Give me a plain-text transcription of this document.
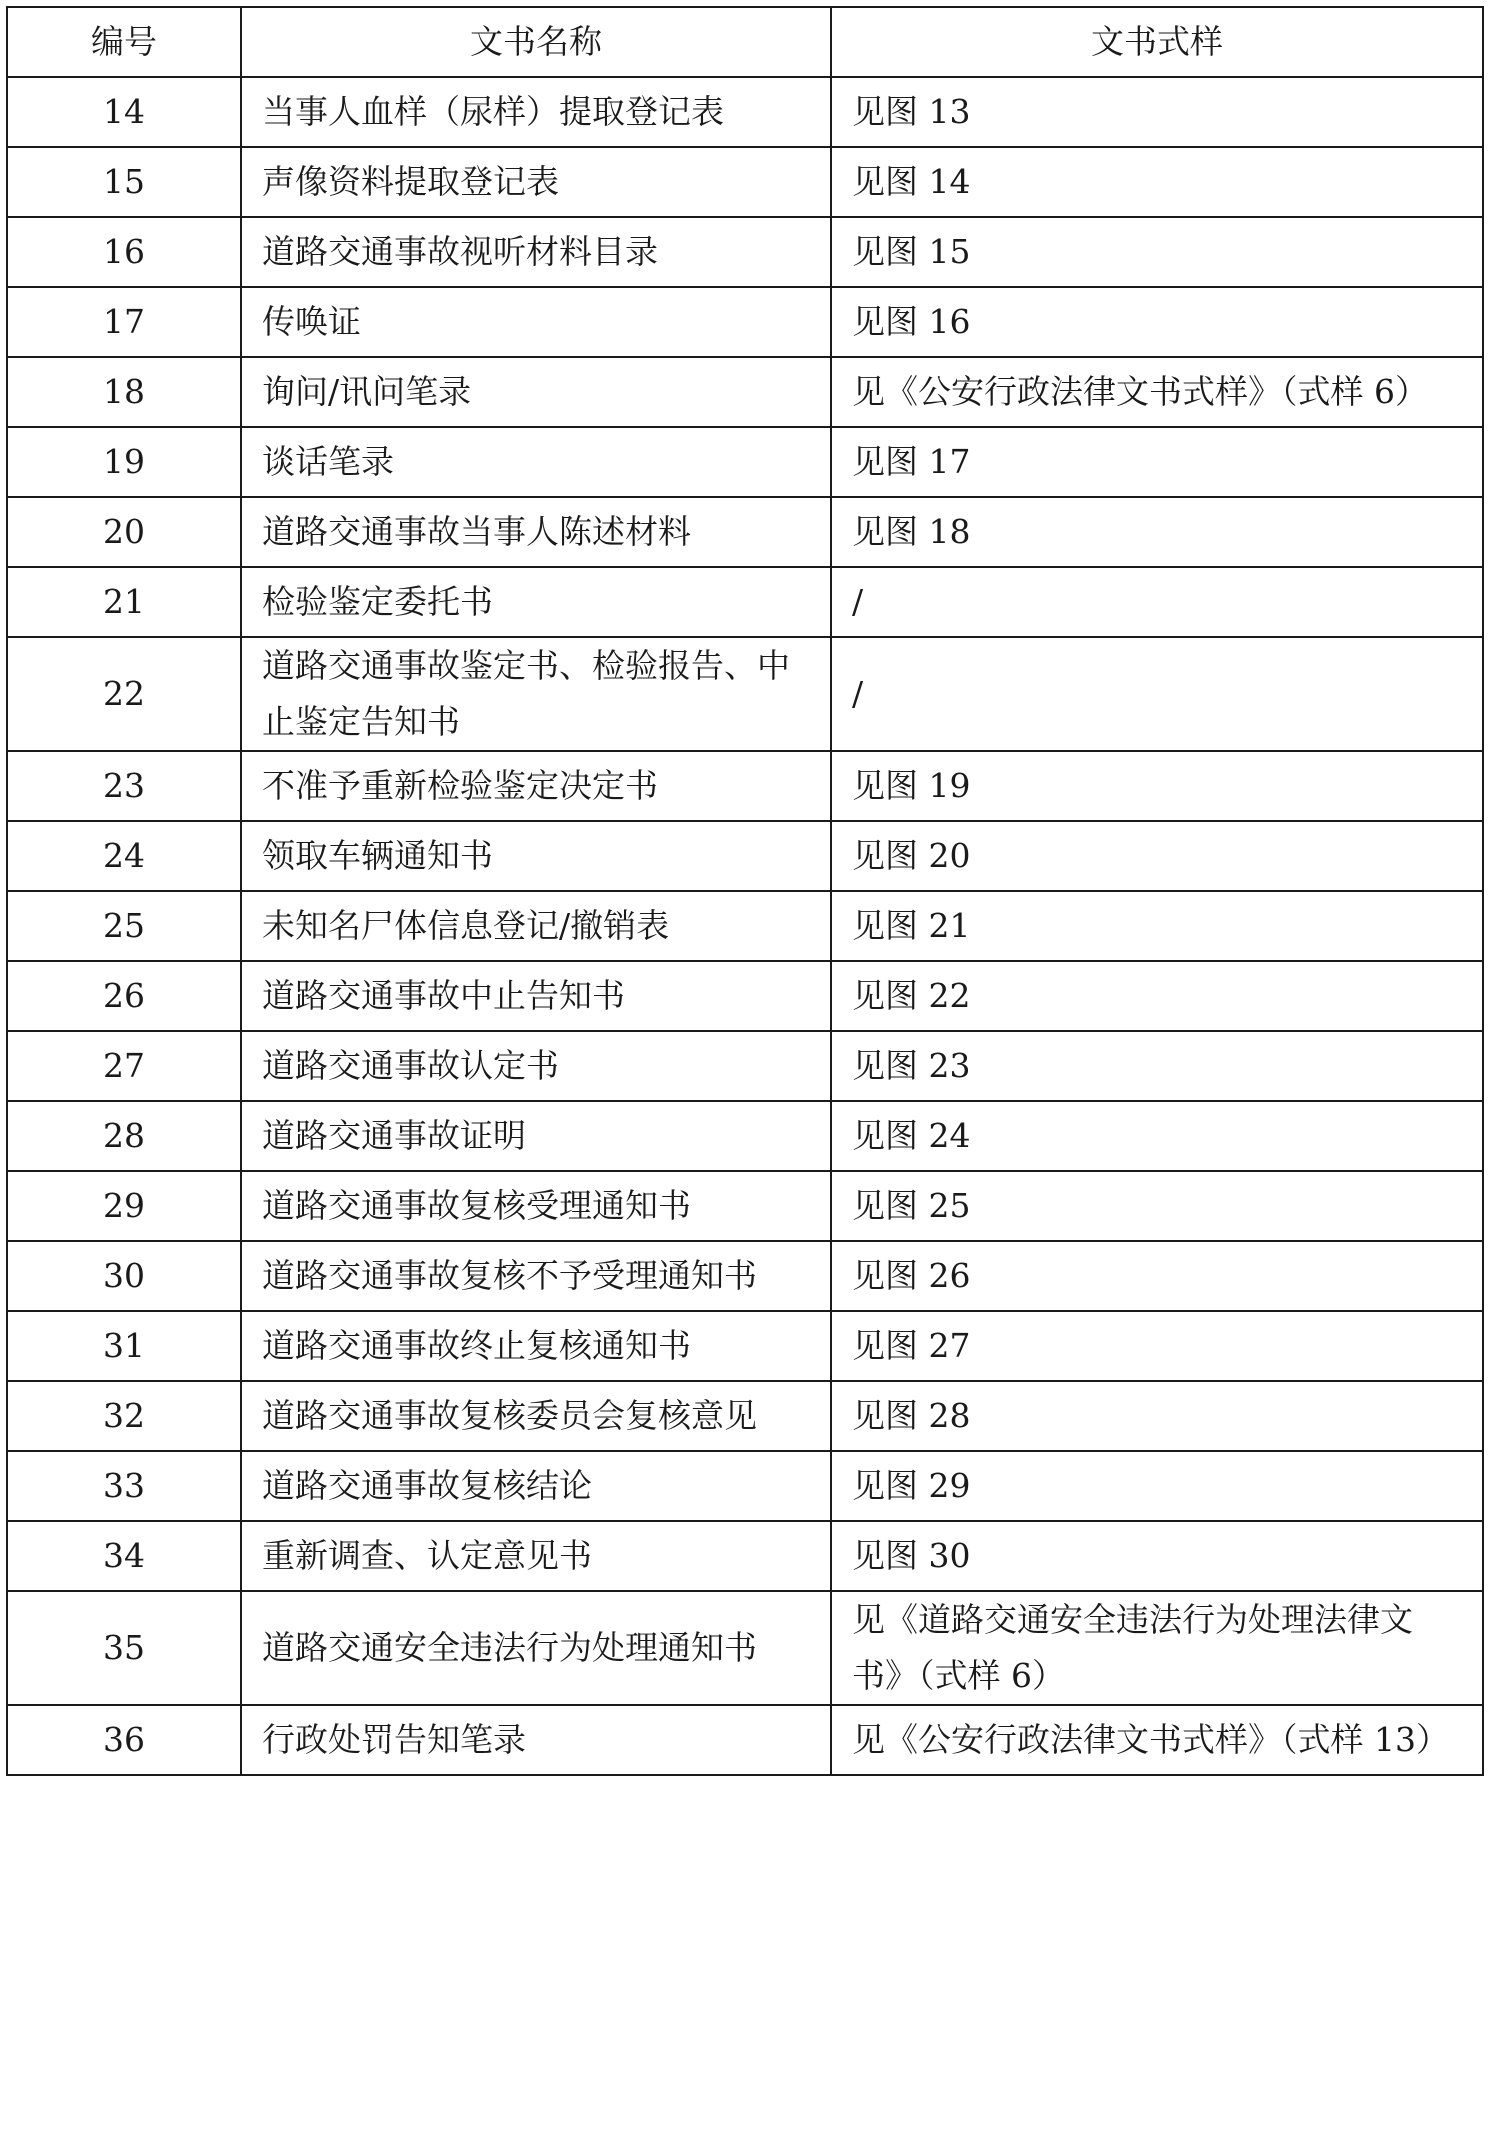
编号	文书名称	文书式样
14	当事人血样（尿样）提取登记表	见图 13
15	声像资料提取登记表	见图 14
16	道路交通事故视听材料目录	见图 15
17	传唤证	见图 16
18	询问/讯问笔录	见《公安行政法律文书式样》（式样 6）
19	谈话笔录	见图 17
20	道路交通事故当事人陈述材料	见图 18
21	检验鉴定委托书	/
22	道路交通事故鉴定书、检验报告、中止鉴定告知书	/
23	不准予重新检验鉴定决定书	见图 19
24	领取车辆通知书	见图 20
25	未知名尸体信息登记/撤销表	见图 21
26	道路交通事故中止告知书	见图 22
27	道路交通事故认定书	见图 23
28	道路交通事故证明	见图 24
29	道路交通事故复核受理通知书	见图 25
30	道路交通事故复核不予受理通知书	见图 26
31	道路交通事故终止复核通知书	见图 27
32	道路交通事故复核委员会复核意见	见图 28
33	道路交通事故复核结论	见图 29
34	重新调查、认定意见书	见图 30
35	道路交通安全违法行为处理通知书	见《道路交通安全违法行为处理法律文书》（式样 6）
36	行政处罚告知笔录	见《公安行政法律文书式样》（式样 13）
